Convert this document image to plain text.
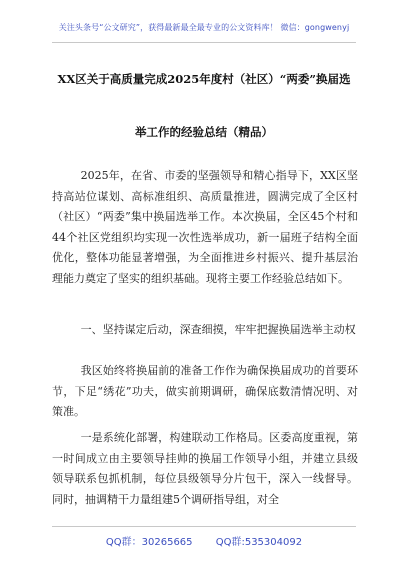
关注头条号“公文研究”，获得最新最全最专业的公文资料库！ 微信：gongwenyj
XX区关于高质量完成2025年度村（社区）“两委”换届选
举工作的经验总结（精品）

2025年，在省、市委的坚强领导和精心指导下，XX区坚持高站位谋划、高标准组织、高质量推进，圆满完成了全区村（社区）“两委”集中换届选举工作。本次换届，全区45个村和44个社区党组织均实现一次性选举成功，新一届班子结构全面优化，整体功能显著增强，为全面推进乡村振兴、提升基层治理能力奠定了坚实的组织基础。现将主要工作经验总结如下。

一、坚持谋定后动，深查细摸，牢牢把握换届选举主动权

我区始终将换届前的准备工作作为确保换届成功的首要环节，下足“绣花”功夫，做实前期调研，确保底数清情况明、对策准。

一是系统化部署，构建联动工作格局。区委高度重视，第一时间成立由主要领导挂帅的换届工作领导小组，并建立县级领导联系包抓机制，每位县级领导分片包干，深入一线督导。同时，抽调精干力量组建5个调研指导组，对全

QQ群：30265665 QQ群:535304092
